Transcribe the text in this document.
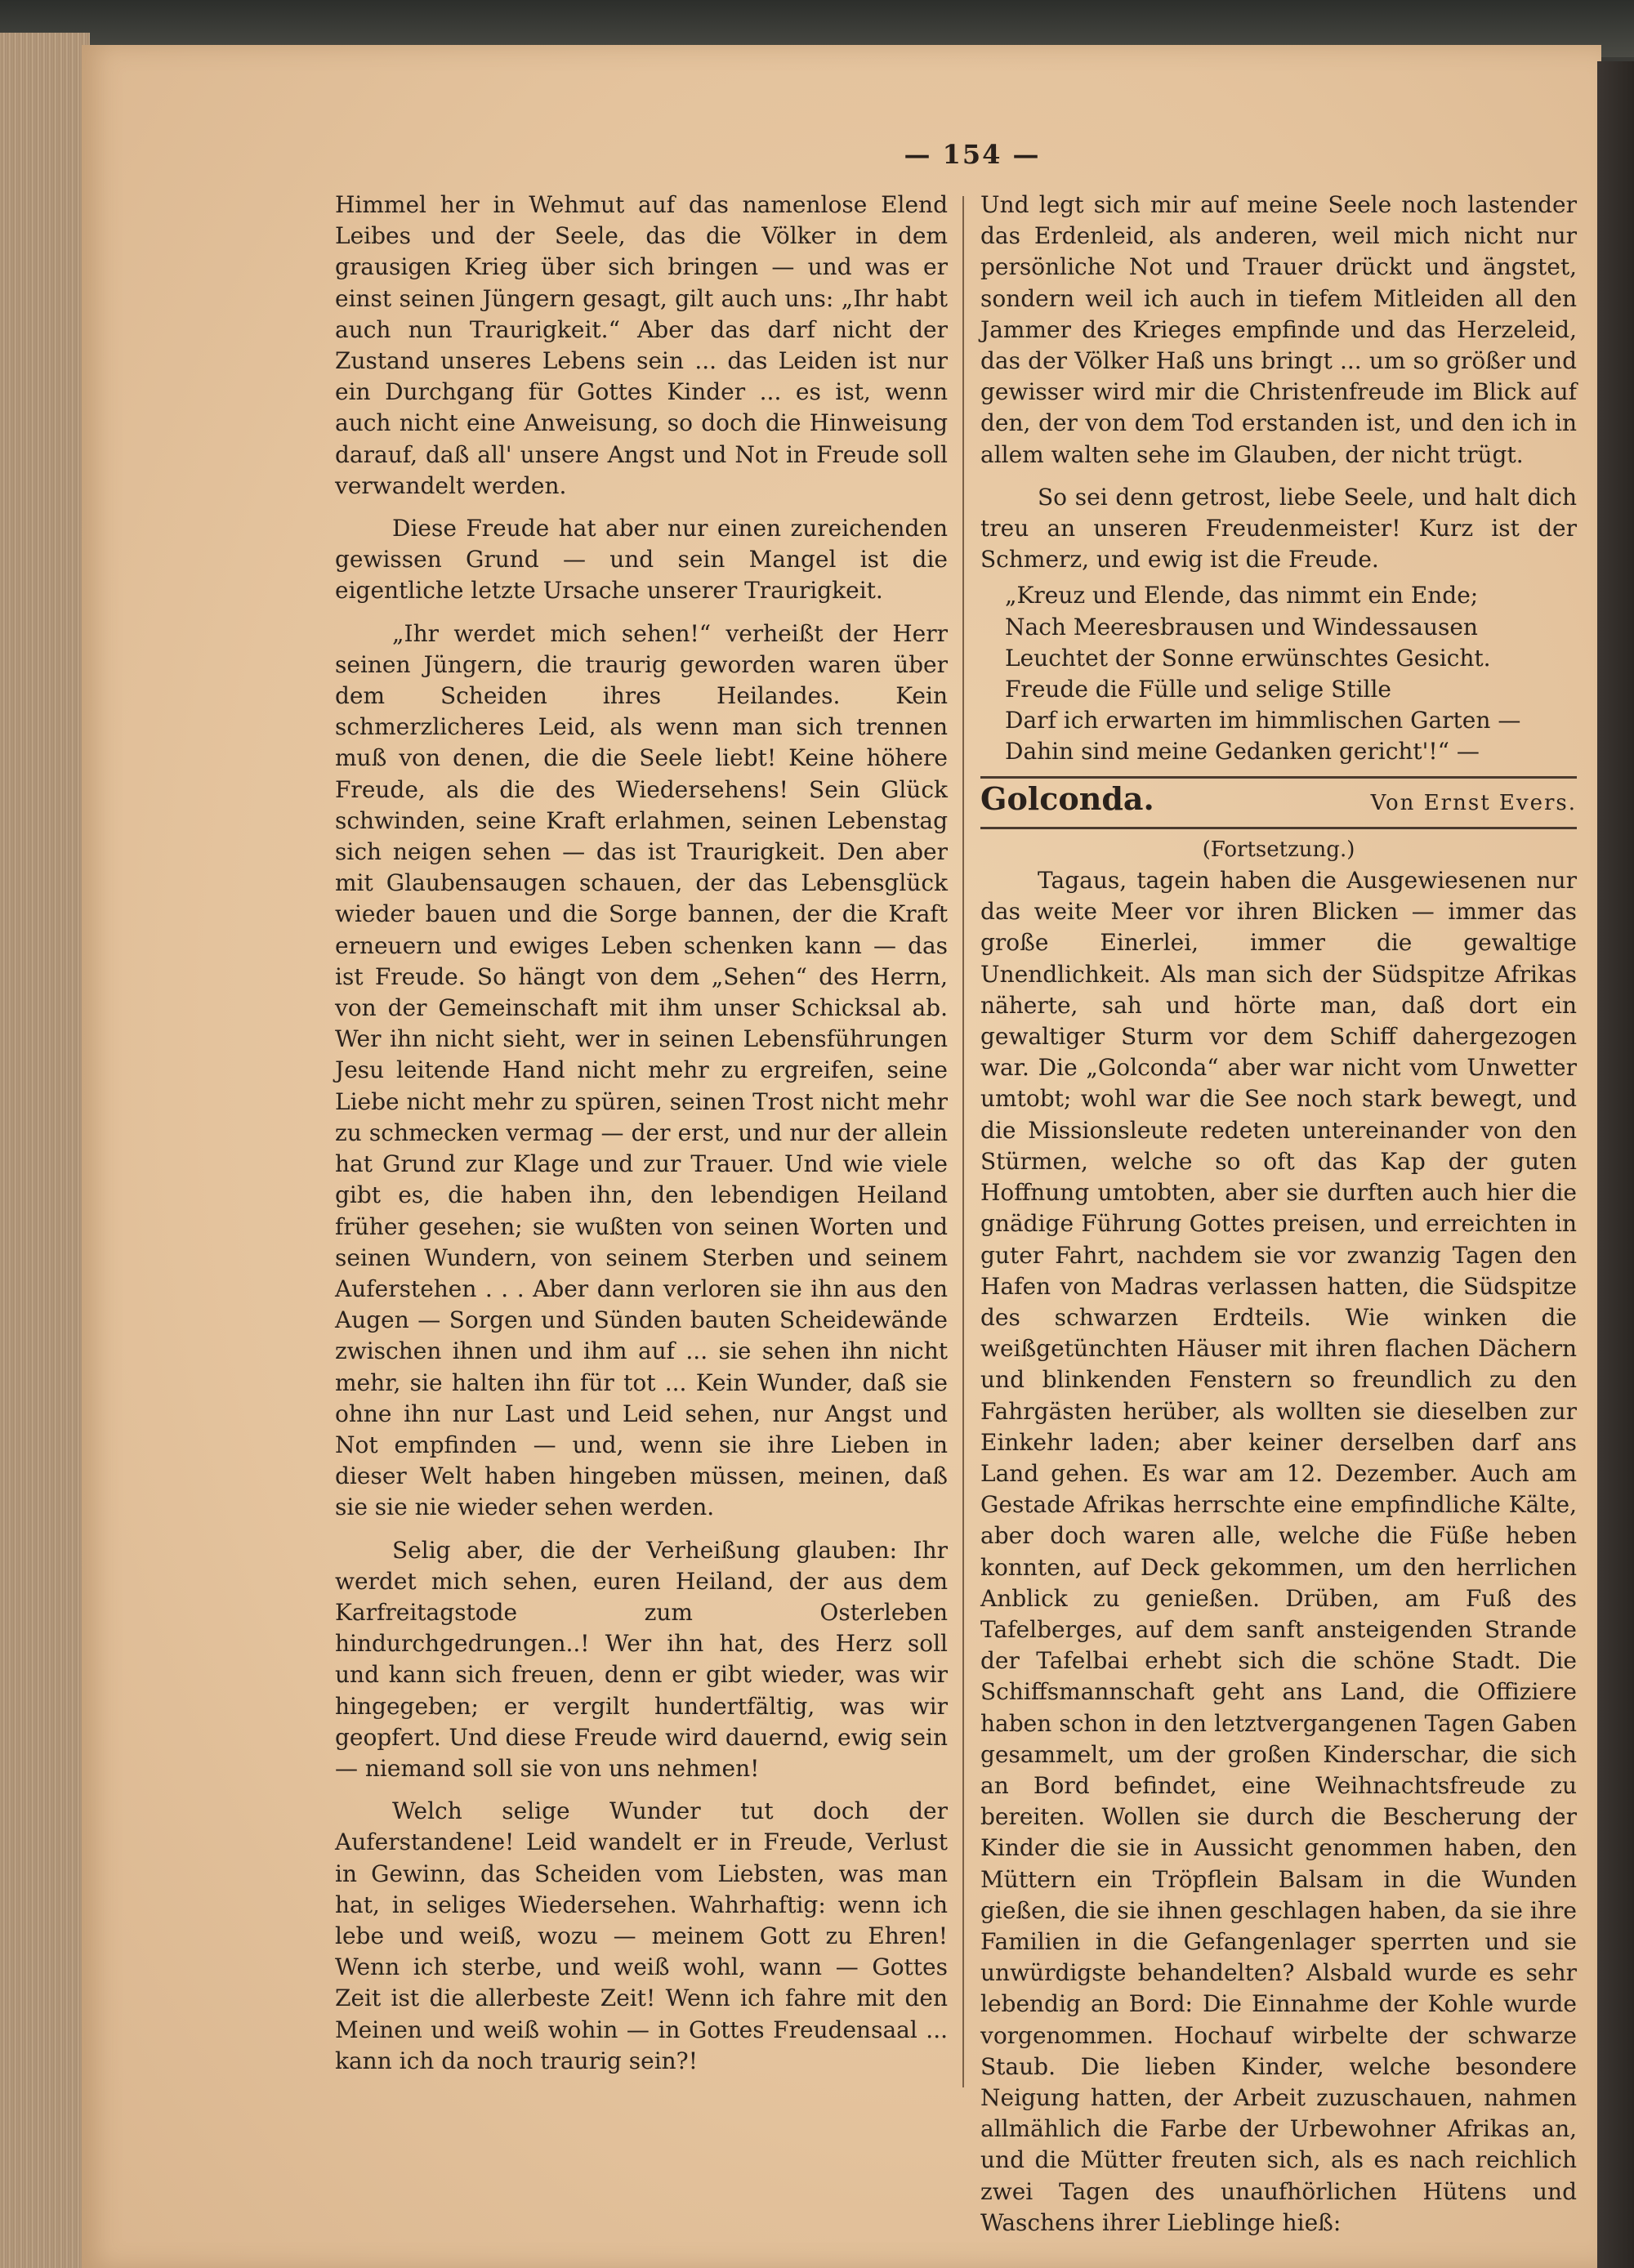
— 154 —

Himmel her in Wehmut auf das namenlose Elend Leibes und der Seele, das die Völker in dem grausigen Krieg über sich bringen — und was er einst seinen Jüngern gesagt, gilt auch uns: „Ihr habt auch nun Traurigkeit.“ Aber das darf nicht der Zustand unseres Lebens sein ... das Leiden ist nur ein Durchgang für Gottes Kinder ... es ist, wenn auch nicht eine Anweisung, so doch die Hinweisung darauf, daß all' unsere Angst und Not in Freude soll verwandelt werden.

Diese Freude hat aber nur einen zureichenden gewissen Grund — und sein Mangel ist die eigentliche letzte Ursache unserer Traurigkeit.

„Ihr werdet mich sehen!“ verheißt der Herr seinen Jüngern, die traurig geworden waren über dem Scheiden ihres Heilandes. Kein schmerzlicheres Leid, als wenn man sich trennen muß von denen, die die Seele liebt! Keine höhere Freude, als die des Wiedersehens! Sein Glück schwinden, seine Kraft erlahmen, seinen Lebenstag sich neigen sehen — das ist Traurigkeit. Den aber mit Glaubensaugen schauen, der das Lebensglück wieder bauen und die Sorge bannen, der die Kraft erneuern und ewiges Leben schenken kann — das ist Freude. So hängt von dem „Sehen“ des Herrn, von der Gemeinschaft mit ihm unser Schicksal ab. Wer ihn nicht sieht, wer in seinen Lebensführungen Jesu leitende Hand nicht mehr zu ergreifen, seine Liebe nicht mehr zu spüren, seinen Trost nicht mehr zu schmecken vermag — der erst, und nur der allein hat Grund zur Klage und zur Trauer. Und wie viele gibt es, die haben ihn, den lebendigen Heiland früher gesehen; sie wußten von seinen Worten und seinen Wundern, von seinem Sterben und seinem Auferstehen . . . Aber dann verloren sie ihn aus den Augen — Sorgen und Sünden bauten Scheidewände zwischen ihnen und ihm auf ... sie sehen ihn nicht mehr, sie halten ihn für tot ... Kein Wunder, daß sie ohne ihn nur Last und Leid sehen, nur Angst und Not empfinden — und, wenn sie ihre Lieben in dieser Welt haben hingeben müssen, meinen, daß sie sie nie wieder sehen werden.

Selig aber, die der Verheißung glauben: Ihr werdet mich sehen, euren Heiland, der aus dem Karfreitagstode zum Osterleben hindurchgedrungen..! Wer ihn hat, des Herz soll und kann sich freuen, denn er gibt wieder, was wir hingegeben; er vergilt hundertfältig, was wir geopfert. Und diese Freude wird dauernd, ewig sein — niemand soll sie von uns nehmen!

Welch selige Wunder tut doch der Auferstandene! Leid wandelt er in Freude, Verlust in Gewinn, das Scheiden vom Liebsten, was man hat, in seliges Wiedersehen. Wahrhaftig: wenn ich lebe und weiß, wozu — meinem Gott zu Ehren! Wenn ich sterbe, und weiß wohl, wann — Gottes Zeit ist die allerbeste Zeit! Wenn ich fahre mit den Meinen und weiß wohin — in Gottes Freudensaal ... kann ich da noch traurig sein?!

Und legt sich mir auf meine Seele noch lastender das Erdenleid, als anderen, weil mich nicht nur persönliche Not und Trauer drückt und ängstet, sondern weil ich auch in tiefem Mitleiden all den Jammer des Krieges empfinde und das Herzeleid, das der Völker Haß uns bringt ... um so größer und gewisser wird mir die Christenfreude im Blick auf den, der von dem Tod erstanden ist, und den ich in allem walten sehe im Glauben, der nicht trügt.

So sei denn getrost, liebe Seele, und halt dich treu an unseren Freudenmeister! Kurz ist der Schmerz, und ewig ist die Freude.

„Kreuz und Elende, das nimmt ein Ende;
Nach Meeresbrausen und Windessausen
Leuchtet der Sonne erwünschtes Gesicht.
Freude die Fülle und selige Stille
Darf ich erwarten im himmlischen Garten —
Dahin sind meine Gedanken gericht'!“ —
Golconda.	Von Ernst Evers.
(Fortsetzung.)

Tagaus, tagein haben die Ausgewiesenen nur das weite Meer vor ihren Blicken — immer das große Einerlei, immer die gewaltige Unendlichkeit. Als man sich der Südspitze Afrikas näherte, sah und hörte man, daß dort ein gewaltiger Sturm vor dem Schiff dahergezogen war. Die „Golconda“ aber war nicht vom Unwetter umtobt; wohl war die See noch stark bewegt, und die Missionsleute redeten untereinander von den Stürmen, welche so oft das Kap der guten Hoffnung umtobten, aber sie durften auch hier die gnädige Führung Gottes preisen, und erreichten in guter Fahrt, nachdem sie vor zwanzig Tagen den Hafen von Madras verlassen hatten, die Südspitze des schwarzen Erdteils. Wie winken die weißgetünchten Häuser mit ihren flachen Dächern und blinkenden Fenstern so freundlich zu den Fahrgästen herüber, als wollten sie dieselben zur Einkehr laden; aber keiner derselben darf ans Land gehen. Es war am 12. Dezember. Auch am Gestade Afrikas herrschte eine empfindliche Kälte, aber doch waren alle, welche die Füße heben konnten, auf Deck gekommen, um den herrlichen Anblick zu genießen. Drüben, am Fuß des Tafelberges, auf dem sanft ansteigenden Strande der Tafelbai erhebt sich die schöne Stadt. Die Schiffsmannschaft geht ans Land, die Offiziere haben schon in den letztvergangenen Tagen Gaben gesammelt, um der großen Kinderschar, die sich an Bord befindet, eine Weihnachtsfreude zu bereiten. Wollen sie durch die Bescherung der Kinder die sie in Aussicht genommen haben, den Müttern ein Tröpflein Balsam in die Wunden gießen, die sie ihnen geschlagen haben, da sie ihre Familien in die Gefangenlager sperrten und sie unwürdigste behandelten? Alsbald wurde es sehr lebendig an Bord: Die Einnahme der Kohle wurde vorgenommen. Hochauf wirbelte der schwarze Staub. Die lieben Kinder, welche besondere Neigung hatten, der Arbeit zuzuschauen, nahmen allmählich die Farbe der Urbewohner Afrikas an, und die Mütter freuten sich, als es nach reichlich zwei Tagen des unaufhörlichen Hütens und Waschens ihrer Lieblinge hieß:
